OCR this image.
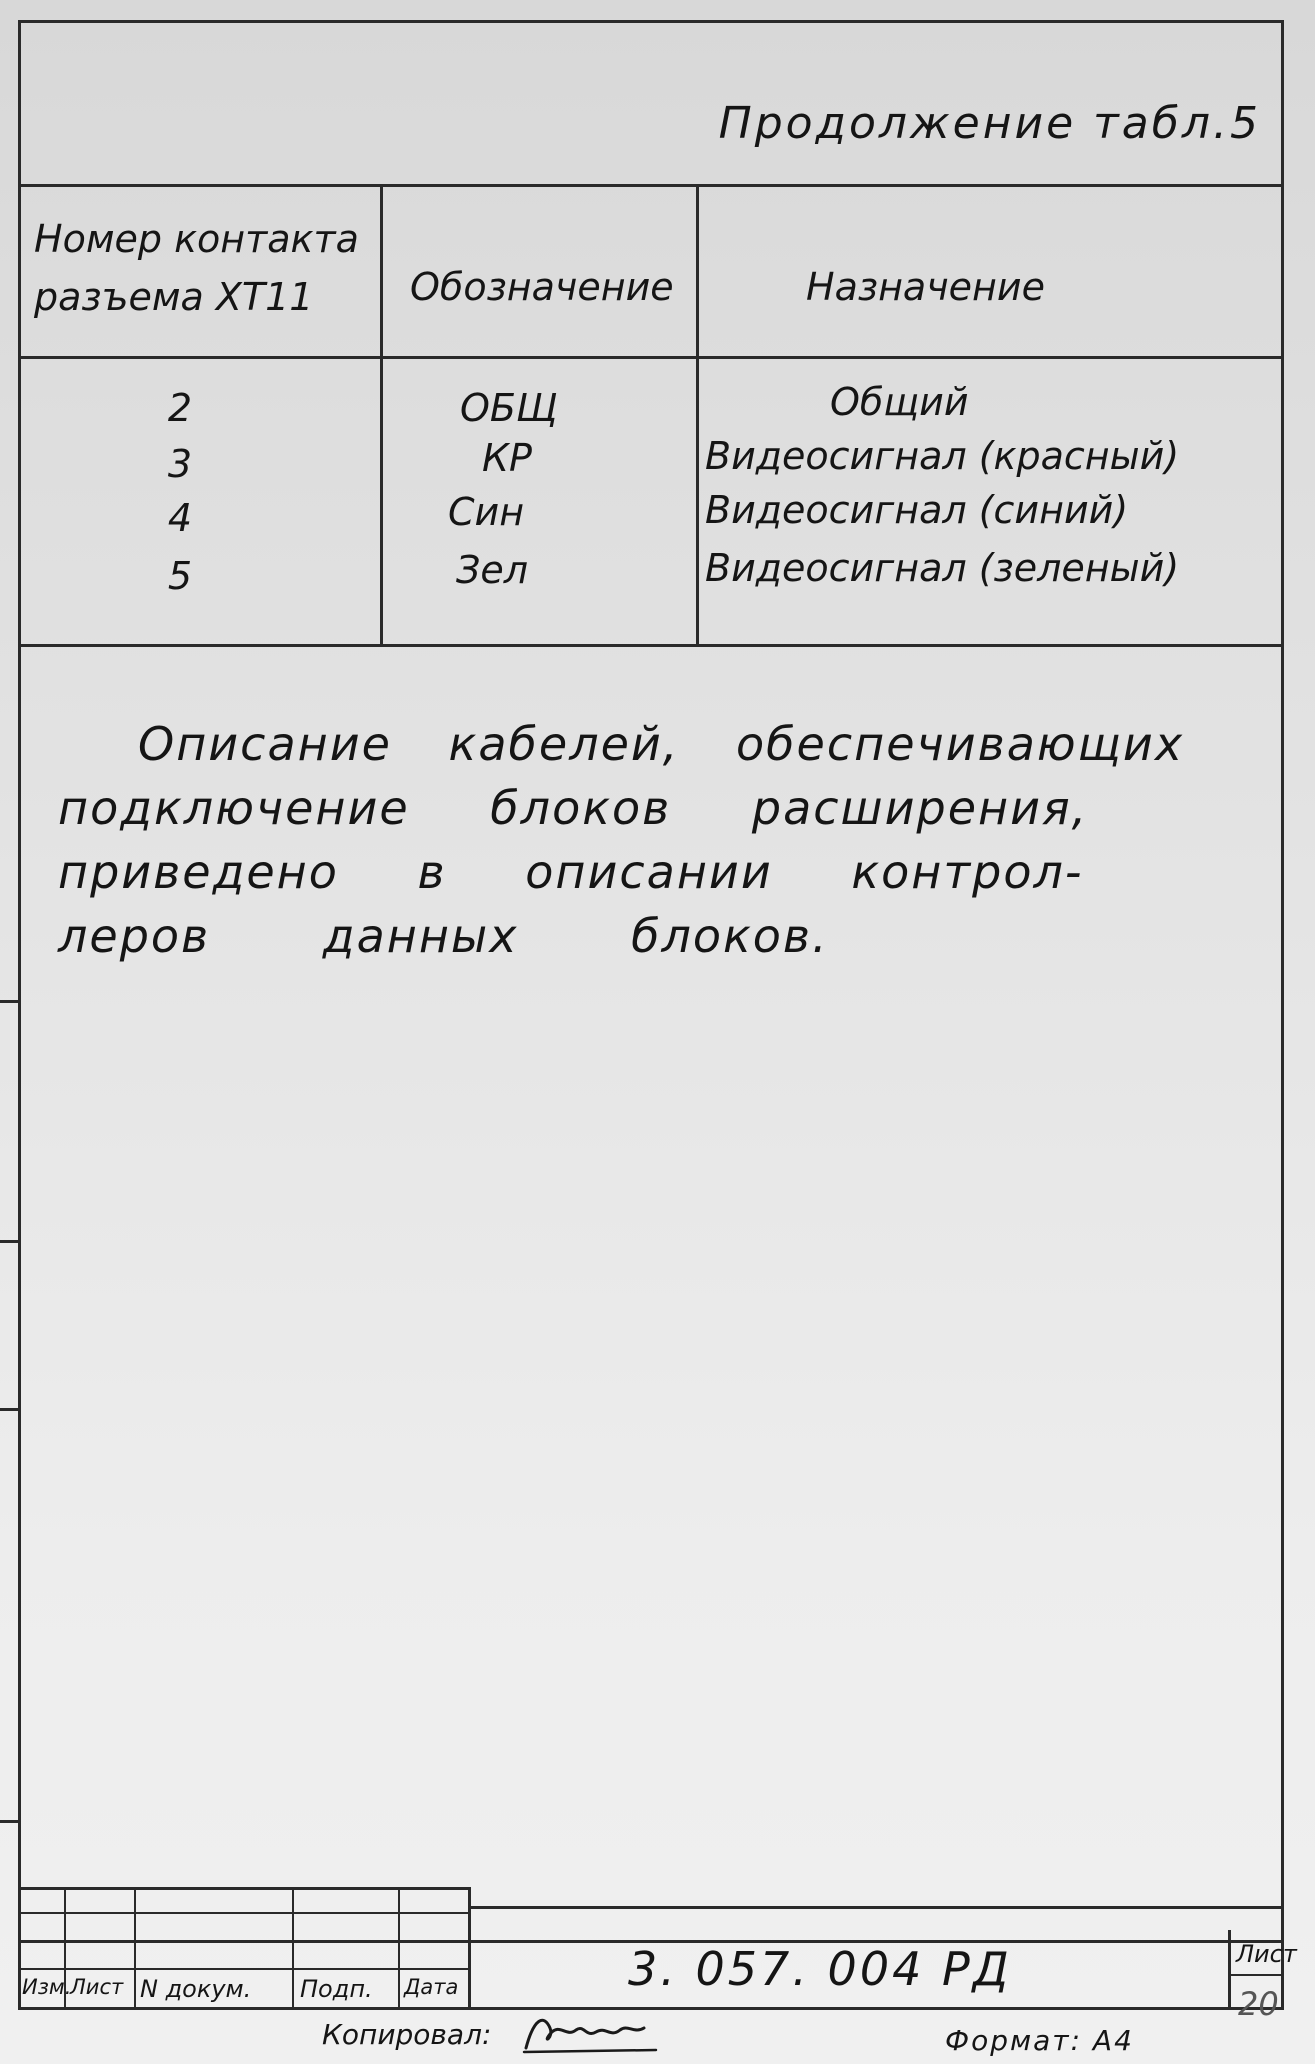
Продолжение табл.5
Номер контакта
разъема ХТ11	Обозначение	Назначение
2	ОБЩ	Общий
3	КР	Видеосигнал (красный)
4	Син	Видеосигнал (синий)
5	Зел	Видеосигнал (зеленый)
Описание кабелей, обеспечивающих
подключение блоков расширения,
приведено в описании контрол-
леров данных блоков.
Изм.
Лист N докум. Подп. Дата	3. 057. 004 РД	Лист
20
Копировал:	Формат: А4
